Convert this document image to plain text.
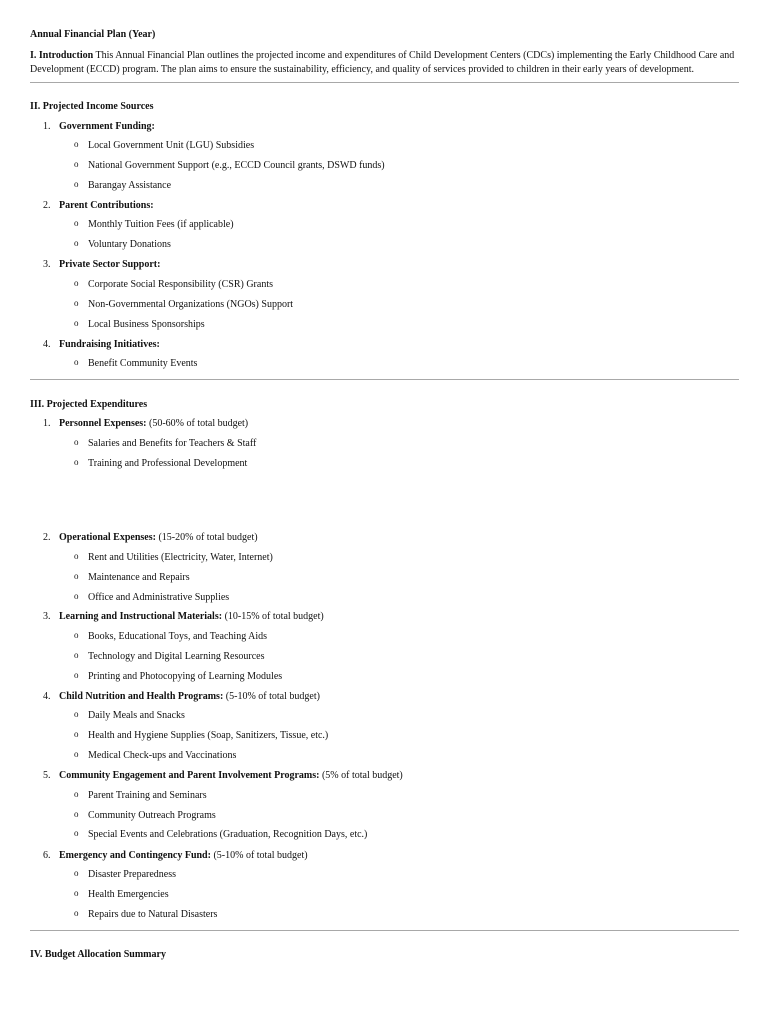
Annual Financial Plan (Year)
I. Introduction This Annual Financial Plan outlines the projected income and expenditures of Child Development Centers (CDCs) implementing the Early Childhood Care and Development (ECCD) program. The plan aims to ensure the sustainability, efficiency, and quality of services provided to children in their early years of development.
II. Projected Income Sources
1. Government Funding:
o Local Government Unit (LGU) Subsidies
o National Government Support (e.g., ECCD Council grants, DSWD funds)
o Barangay Assistance
2. Parent Contributions:
o Monthly Tuition Fees (if applicable)
o Voluntary Donations
3. Private Sector Support:
o Corporate Social Responsibility (CSR) Grants
o Non-Governmental Organizations (NGOs) Support
o Local Business Sponsorships
4. Fundraising Initiatives:
o Benefit Community Events
III. Projected Expenditures
1. Personnel Expenses: (50-60% of total budget)
o Salaries and Benefits for Teachers & Staff
o Training and Professional Development
2. Operational Expenses: (15-20% of total budget)
o Rent and Utilities (Electricity, Water, Internet)
o Maintenance and Repairs
o Office and Administrative Supplies
3. Learning and Instructional Materials: (10-15% of total budget)
o Books, Educational Toys, and Teaching Aids
o Technology and Digital Learning Resources
o Printing and Photocopying of Learning Modules
4. Child Nutrition and Health Programs: (5-10% of total budget)
o Daily Meals and Snacks
o Health and Hygiene Supplies (Soap, Sanitizers, Tissue, etc.)
o Medical Check-ups and Vaccinations
5. Community Engagement and Parent Involvement Programs: (5% of total budget)
o Parent Training and Seminars
o Community Outreach Programs
o Special Events and Celebrations (Graduation, Recognition Days, etc.)
6. Emergency and Contingency Fund: (5-10% of total budget)
o Disaster Preparedness
o Health Emergencies
o Repairs due to Natural Disasters
IV. Budget Allocation Summary
